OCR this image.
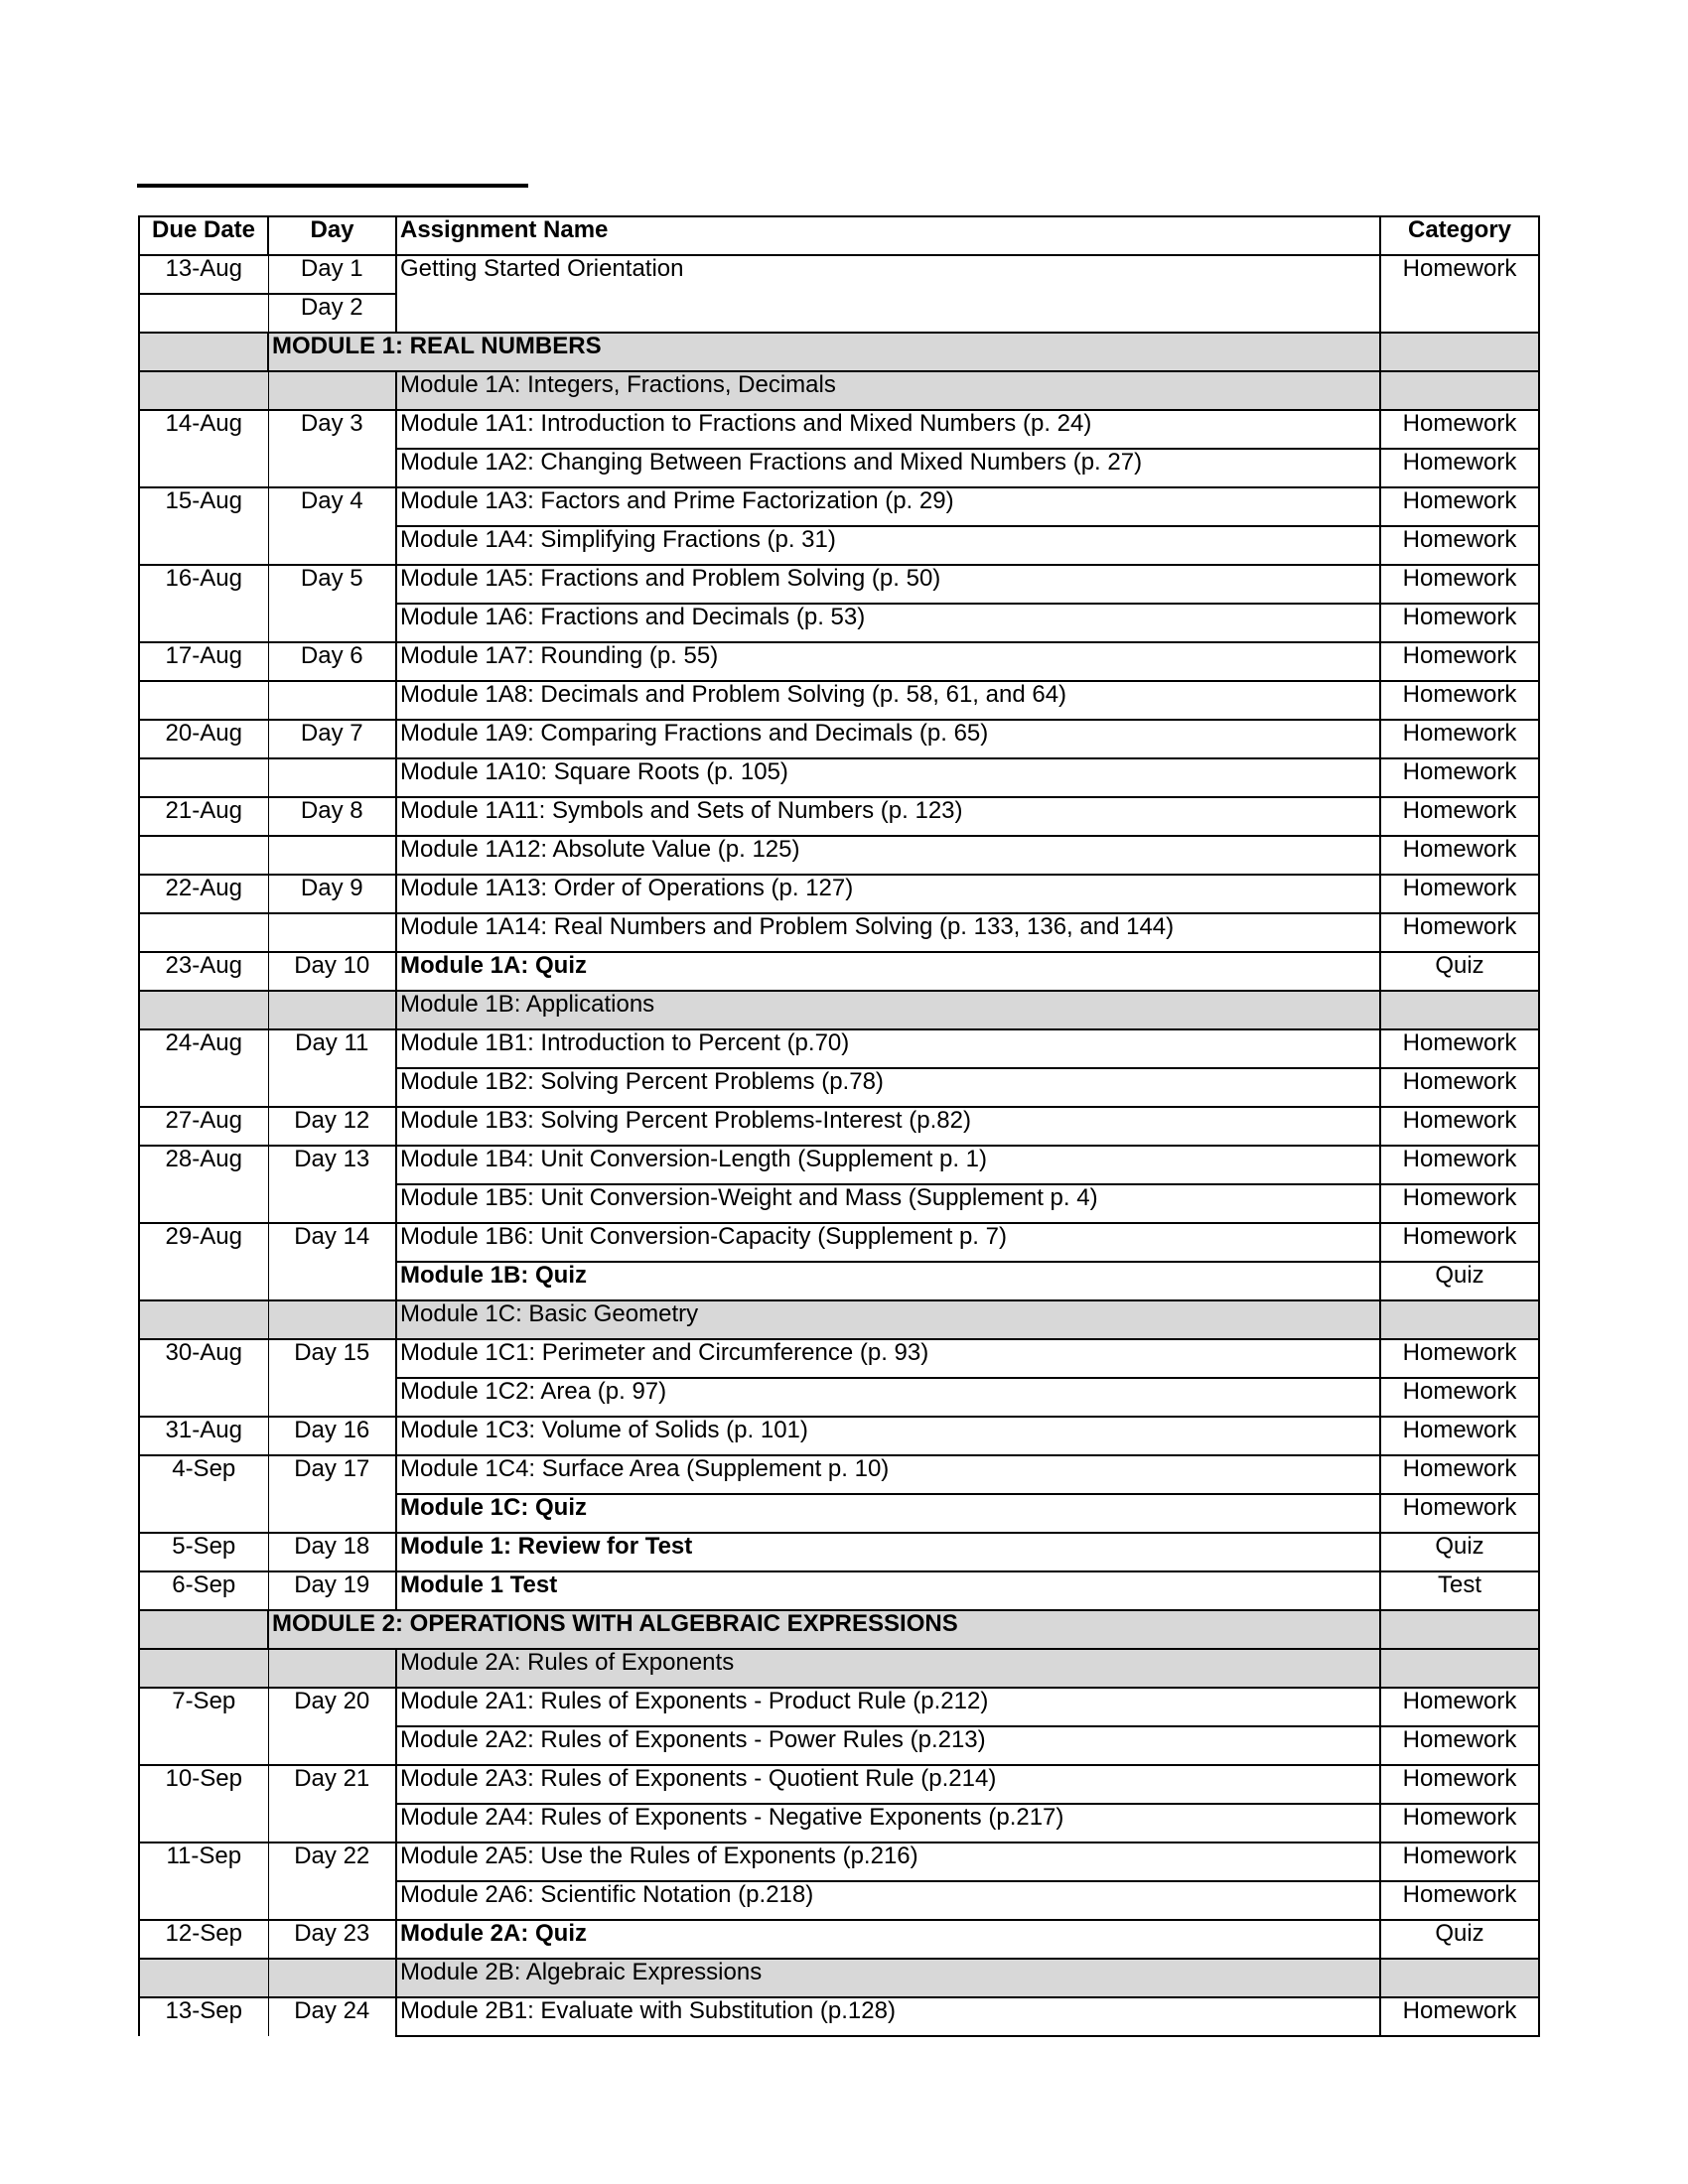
Due Date	Day	Assignment Name	Category
13-Aug	Day 1	Getting Started Orientation	Homework
	Day 2		
	MODULE 1: REAL NUMBERS		
		Module 1A: Integers, Fractions, Decimals	
14-Aug	Day 3	Module 1A1: Introduction to Fractions and Mixed Numbers (p. 24)	Homework
		Module 1A2: Changing Between Fractions and Mixed Numbers (p. 27)	Homework
15-Aug	Day 4	Module 1A3: Factors and Prime Factorization (p. 29)	Homework
		Module 1A4: Simplifying Fractions (p. 31)	Homework
16-Aug	Day 5	Module 1A5: Fractions and Problem Solving (p. 50)	Homework
		Module 1A6: Fractions and Decimals (p. 53)	Homework
17-Aug	Day 6	Module 1A7: Rounding (p. 55)	Homework
		Module 1A8: Decimals and Problem Solving (p. 58, 61, and 64)	Homework
20-Aug	Day 7	Module 1A9: Comparing Fractions and Decimals (p. 65)	Homework
		Module 1A10: Square Roots (p. 105)	Homework
21-Aug	Day 8	Module 1A11: Symbols and Sets of Numbers (p. 123)	Homework
		Module 1A12: Absolute Value (p. 125)	Homework
22-Aug	Day 9	Module 1A13: Order of Operations (p. 127)	Homework
		Module 1A14: Real Numbers and Problem Solving (p. 133, 136, and 144)	Homework
23-Aug	Day 10	Module 1A: Quiz	Quiz
		Module 1B: Applications	
24-Aug	Day 11	Module 1B1: Introduction to Percent (p.70)	Homework
		Module 1B2: Solving Percent Problems (p.78)	Homework
27-Aug	Day 12	Module 1B3: Solving Percent Problems-Interest (p.82)	Homework
28-Aug	Day 13	Module 1B4: Unit Conversion-Length (Supplement p. 1)	Homework
		Module 1B5: Unit Conversion-Weight and Mass (Supplement p. 4)	Homework
29-Aug	Day 14	Module 1B6: Unit Conversion-Capacity (Supplement p. 7)	Homework
		Module 1B: Quiz	Quiz
		Module 1C: Basic Geometry	
30-Aug	Day 15	Module 1C1: Perimeter and Circumference (p. 93)	Homework
		Module 1C2: Area (p. 97)	Homework
31-Aug	Day 16	Module 1C3: Volume of Solids (p. 101)	Homework
4-Sep	Day 17	Module 1C4: Surface Area (Supplement p. 10)	Homework
		Module 1C: Quiz	Homework
5-Sep	Day 18	Module 1: Review for Test	Quiz
6-Sep	Day 19	Module 1 Test	Test
	MODULE 2: OPERATIONS WITH ALGEBRAIC EXPRESSIONS		
		Module 2A: Rules of Exponents	
7-Sep	Day 20	Module 2A1: Rules of Exponents - Product Rule (p.212)	Homework
		Module 2A2: Rules of Exponents - Power Rules (p.213)	Homework
10-Sep	Day 21	Module 2A3: Rules of Exponents - Quotient Rule (p.214)	Homework
		Module 2A4: Rules of Exponents - Negative Exponents (p.217)	Homework
11-Sep	Day 22	Module 2A5: Use the Rules of Exponents (p.216)	Homework
		Module 2A6: Scientific Notation (p.218)	Homework
12-Sep	Day 23	Module 2A: Quiz	Quiz
		Module 2B: Algebraic Expressions	
13-Sep	Day 24	Module 2B1: Evaluate with Substitution (p.128)	Homework
